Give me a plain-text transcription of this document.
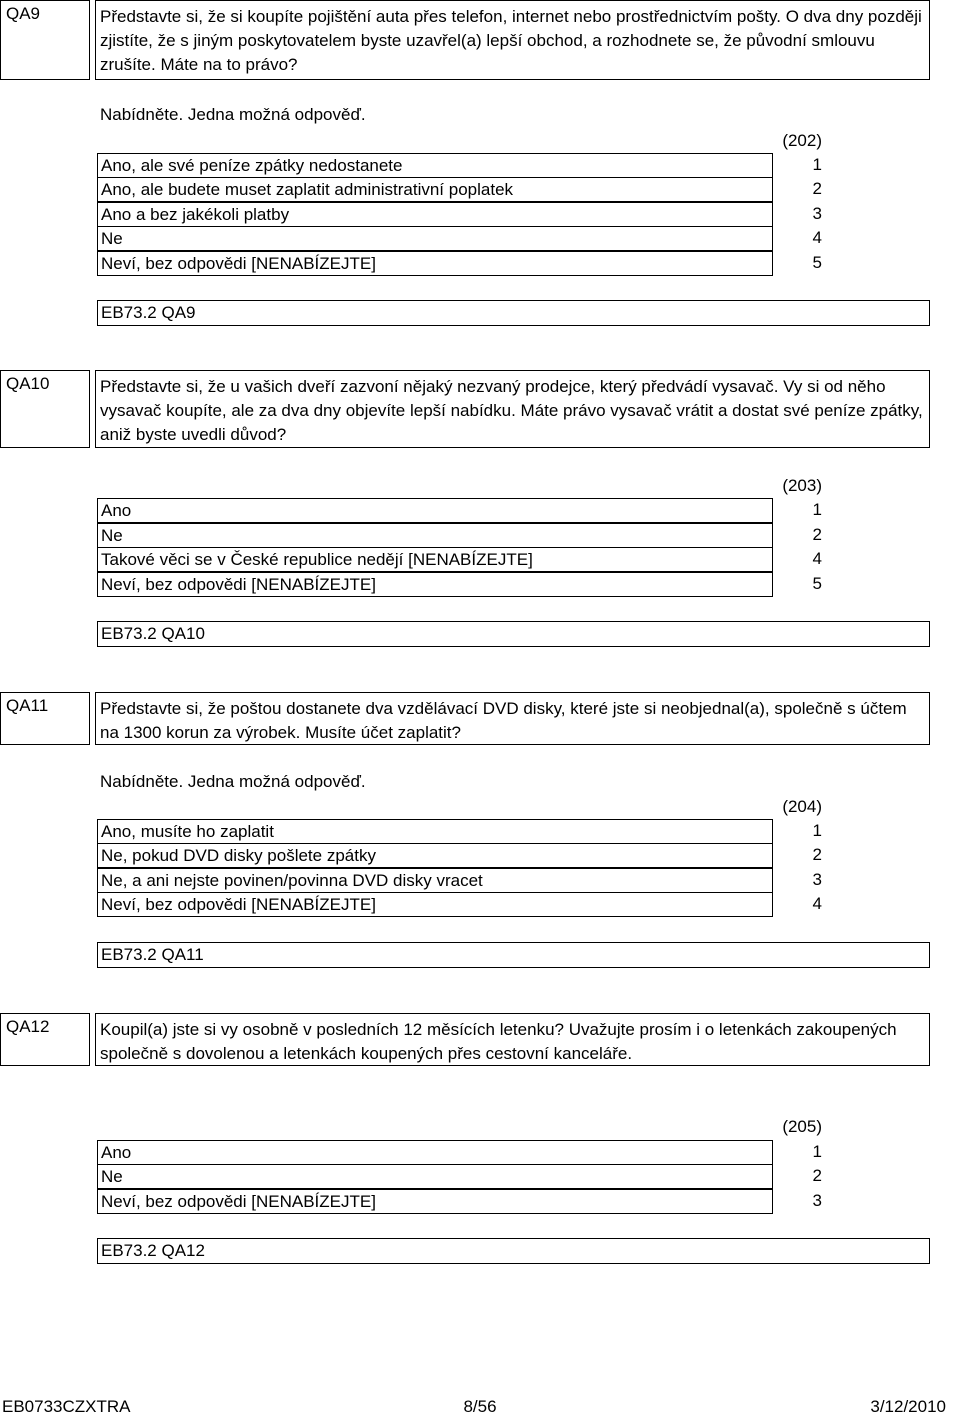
QA9	Představte si, že si koupíte pojištění auta přes telefon, internet nebo prostřednictvím pošty. O dva dny později zjistíte, že s jiným poskytovatelem byste uzavřel(a) lepší obchod, a rozhodnete se, že původní smlouvu zrušíte. Máte na to právo?
Nabídněte. Jedna možná odpověď.
(202)
Ano, ale své peníze zpátky nedostanete	1
Ano, ale budete muset zaplatit administrativní poplatek	2
Ano a bez jakékoli platby	3
Ne	4
Neví, bez odpovědi [NENABÍZEJTE]	5
EB73.2 QA9
QA10	Představte si, že u vašich dveří zazvoní nějaký nezvaný prodejce, který předvádí vysavač. Vy si od něho vysavač koupíte, ale za dva dny objevíte lepší nabídku. Máte právo vysavač vrátit a dostat své peníze zpátky, aniž byste uvedli důvod?
(203)
Ano	1
Ne	2
Takové věci se v České republice nedějí [NENABÍZEJTE]	4
Neví, bez odpovědi [NENABÍZEJTE]	5
EB73.2 QA10
QA11	Představte si, že poštou dostanete dva vzdělávací DVD disky, které jste si neobjednal(a), společně s účtem na 1300 korun za výrobek. Musíte účet zaplatit?
Nabídněte. Jedna možná odpověď.
(204)
Ano, musíte ho zaplatit	1
Ne, pokud DVD disky pošlete zpátky	2
Ne, a ani nejste povinen/povinna DVD disky vracet	3
Neví, bez odpovědi [NENABÍZEJTE]	4
EB73.2 QA11
QA12	Koupil(a) jste si vy osobně v posledních 12 měsících letenku? Uvažujte prosím i o letenkách zakoupených společně s dovolenou a letenkách koupených přes cestovní kanceláře.
(205)
Ano	1
Ne	2
Neví, bez odpovědi [NENABÍZEJTE]	3
EB73.2 QA12
EB0733CZXTRA	8/56	3/12/2010
